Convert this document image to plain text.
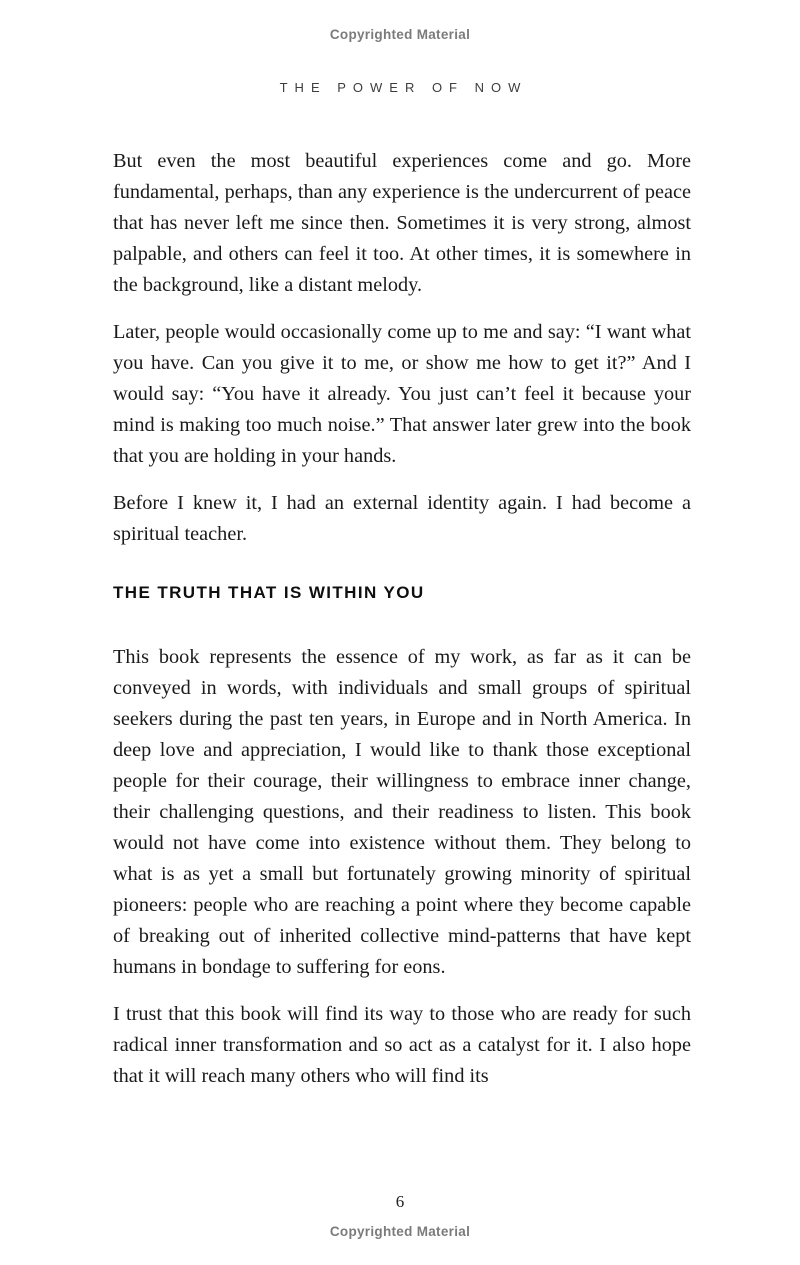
Copyrighted Material
THE POWER OF NOW

But even the most beautiful experiences come and go. More fundamental, perhaps, than any experience is the undercurrent of peace that has never left me since then. Sometimes it is very strong, almost palpable, and others can feel it too. At other times, it is somewhere in the background, like a distant melody.

Later, people would occasionally come up to me and say: “I want what you have. Can you give it to me, or show me how to get it?” And I would say: “You have it already. You just can’t feel it because your mind is making too much noise.” That answer later grew into the book that you are holding in your hands.

Before I knew it, I had an external identity again. I had become a spiritual teacher.

THE TRUTH THAT IS WITHIN YOU

This book represents the essence of my work, as far as it can be conveyed in words, with individuals and small groups of spiritual seekers during the past ten years, in Europe and in North America. In deep love and appreciation, I would like to thank those exceptional people for their courage, their willingness to embrace inner change, their challenging questions, and their readiness to listen. This book would not have come into existence without them. They belong to what is as yet a small but fortunately growing minority of spiritual pioneers: people who are reaching a point where they become capable of breaking out of inherited collective mind-patterns that have kept humans in bondage to suffering for eons.

I trust that this book will find its way to those who are ready for such radical inner transformation and so act as a catalyst for it. I also hope that it will reach many others who will find its

6
Copyrighted Material
